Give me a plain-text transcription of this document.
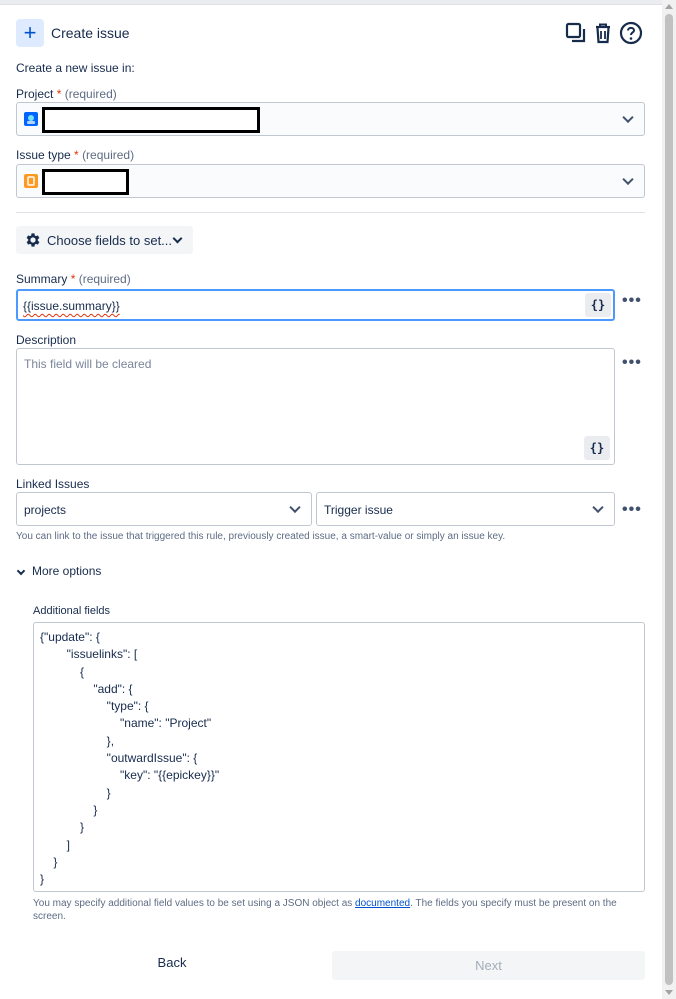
+	Create issue
Create a new issue in:
Project * (required)
Issue type * (required)
Choose fields to set...
Summary * (required)
{{issue.summary}}	{}	•••
Description
This field will be cleared
{}
•••
Linked Issues
projects	Trigger issue	•••
You can link to the issue that triggered this rule, previously created issue, a smart-value or simply an issue key.
More options
Additional fields
{"update": {
"issuelinks": [
{
"add": {
"type": {
"name": "Project"
},
"outwardIssue": {
"key": "{{epickey}}"
}
}
}
]
}
}
You may specify additional field values to be set using a JSON object as documented. The fields you specify must be present on the screen.
Back	Next
